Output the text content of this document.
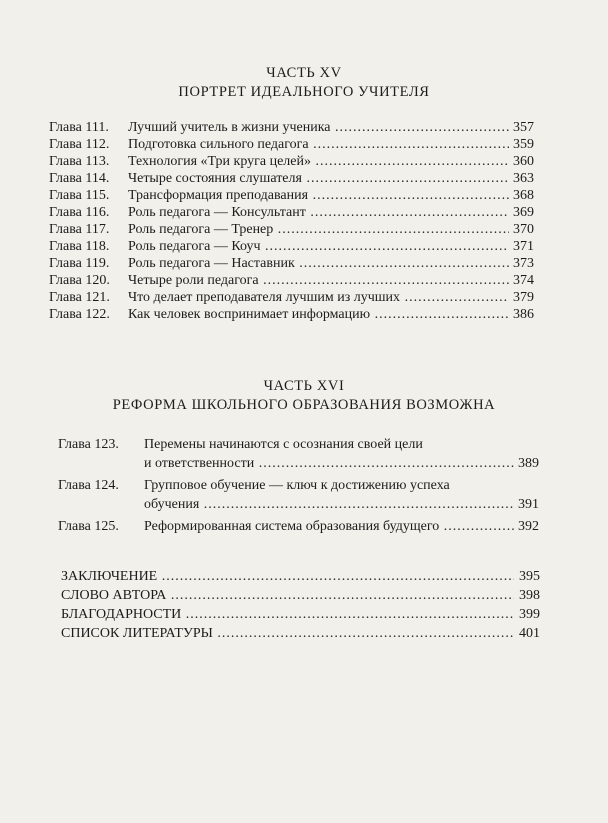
ЧАСТЬ XV
ПОРТРЕТ ИДЕАЛЬНОГО УЧИТЕЛЯ
Глава 111. Лучший учитель в жизни ученика .....	357
Глава 112. Подготовка сильного педагога .....	359
Глава 113. Технология «Три круга целей» .....	360
Глава 114. Четыре состояния слушателя .....	363
Глава 115. Трансформация преподавания .....	368
Глава 116. Роль педагога — Консультант .....	369
Глава 117. Роль педагога — Тренер .....	370
Глава 118. Роль педагога — Коуч .....	371
Глава 119. Роль педагога — Наставник .....	373
Глава 120. Четыре роли педагога .....	374
Глава 121. Что делает преподавателя лучшим из лучших .....	379
Глава 122. Как человек воспринимает информацию .....	386
ЧАСТЬ XVI
РЕФОРМА ШКОЛЬНОГО ОБРАЗОВАНИЯ ВОЗМОЖНА
Глава 123. Перемены начинаются с осознания своей цели
и ответственности .....	389
Глава 124. Групповое обучение — ключ к достижению успеха
обучения .....	391
Глава 125. Реформированная система образования будущего .....	392
ЗАКЛЮЧЕНИЕ .....	395
СЛОВО АВТОРА .....	398
БЛАГОДАРНОСТИ .....	399
СПИСОК ЛИТЕРАТУРЫ .....	401
